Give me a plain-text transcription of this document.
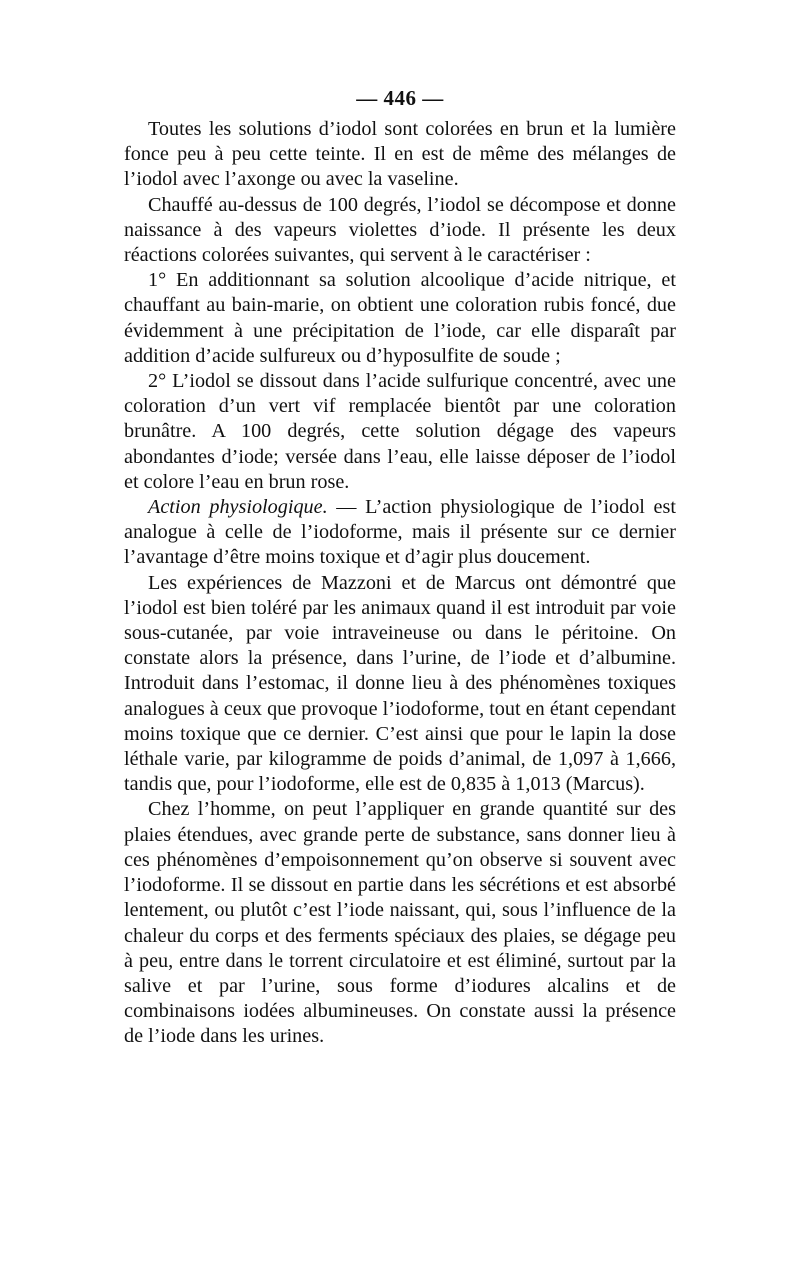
— 446 —

Toutes les solutions d’iodol sont colorées en brun et la lumière fonce peu à peu cette teinte. Il en est de même des mélanges de l’iodol avec l’axonge ou avec la vaseline.

Chauffé au-dessus de 100 degrés, l’iodol se décompose et donne naissance à des vapeurs violettes d’iode. Il présente les deux réactions colorées suivantes, qui servent à le caractériser :

1° En additionnant sa solution alcoolique d’acide nitrique, et chauffant au bain-marie, on obtient une coloration rubis foncé, due évidemment à une précipitation de l’iode, car elle disparaît par addition d’acide sulfureux ou d’hyposulfite de soude ;

2° L’iodol se dissout dans l’acide sulfurique concentré, avec une coloration d’un vert vif remplacée bientôt par une coloration brunâtre. A 100 degrés, cette solution dégage des vapeurs abondantes d’iode; versée dans l’eau, elle laisse déposer de l’iodol et colore l’eau en brun rose.

Action physiologique. — L’action physiologique de l’iodol est analogue à celle de l’iodoforme, mais il présente sur ce dernier l’avantage d’être moins toxique et d’agir plus doucement.

Les expériences de Mazzoni et de Marcus ont démontré que l’iodol est bien toléré par les animaux quand il est introduit par voie sous-cutanée, par voie intraveineuse ou dans le péritoine. On constate alors la présence, dans l’urine, de l’iode et d’albumine. Introduit dans l’estomac, il donne lieu à des phénomènes toxiques analogues à ceux que provoque l’iodoforme, tout en étant cependant moins toxique que ce dernier. C’est ainsi que pour le lapin la dose léthale varie, par kilogramme de poids d’animal, de 1,097 à 1,666, tandis que, pour l’iodoforme, elle est de 0,835 à 1,013 (Marcus).

Chez l’homme, on peut l’appliquer en grande quantité sur des plaies étendues, avec grande perte de substance, sans donner lieu à ces phénomènes d’empoisonnement qu’on observe si souvent avec l’iodoforme. Il se dissout en partie dans les sécrétions et est absorbé lentement, ou plutôt c’est l’iode naissant, qui, sous l’influence de la chaleur du corps et des ferments spéciaux des plaies, se dégage peu à peu, entre dans le torrent circulatoire et est éliminé, surtout par la salive et par l’urine, sous forme d’iodures alcalins et de combinaisons iodées albumineuses. On constate aussi la présence de l’iode dans les urines.
